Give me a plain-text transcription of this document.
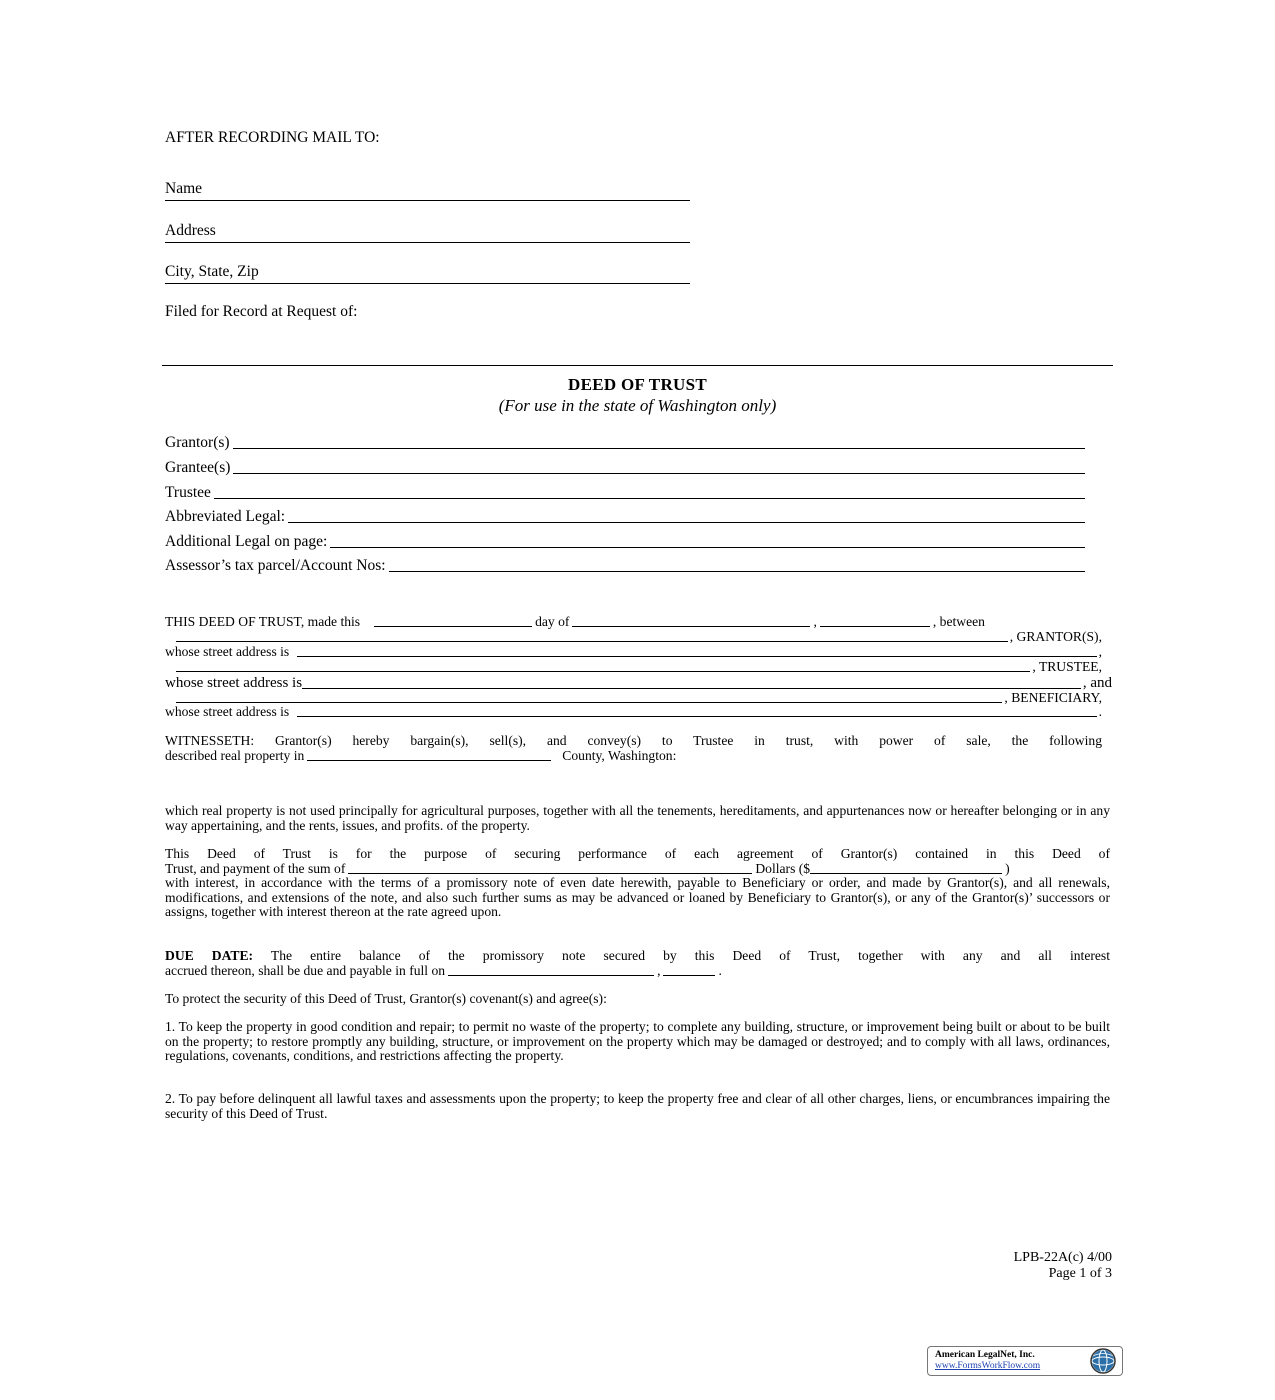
AFTER RECORDING MAIL TO:
Name
Address
City, State, Zip
Filed for Record at Request of:
DEED OF TRUST
(For use in the state of Washington only)
Grantor(s)
Grantee(s)
Trustee
Abbreviated Legal:
Additional Legal on page:
Assessor’s tax parcel/Account Nos:
THIS DEED OF TRUST, made this	day of	,	, between
, GRANTOR(S),
whose street address is	,
, TRUSTEE,
whose street address is	, and
, BENEFICIARY,
whose street address is	.
WITNESSETH: Grantor(s) hereby bargain(s), sell(s), and convey(s) to Trustee in trust, with power of sale, the following
described real property in	County, Washington:
which real property is not used principally for agricultural purposes, together with all the tenements, hereditaments, and appurtenances now or hereafter belonging or in any way appertaining, and the rents, issues, and profits. of the property.
This Deed of Trust is for the purpose of securing performance of each agreement of Grantor(s) contained in this Deed of
Trust, and payment of the sum of	Dollars ($	)
with interest, in accordance with the terms of a promissory note of even date herewith, payable to Beneficiary or order, and made by Grantor(s), and all renewals, modifications, and extensions of the note, and also such further sums as may be advanced or loaned by Beneficiary to Grantor(s), or any of the Grantor(s)’ successors or assigns, together with interest thereon at the rate agreed upon.
DUE DATE: The entire balance of the promissory note secured by this Deed of Trust, together with any and all interest
accrued thereon, shall be due and payable in full on	,	.
To protect the security of this Deed of Trust, Grantor(s) covenant(s) and agree(s):
1. To keep the property in good condition and repair; to permit no waste of the property; to complete any building, structure, or improvement being built or about to be built on the property; to restore promptly any building, structure, or improvement on the property which may be damaged or destroyed; and to comply with all laws, ordinances, regulations, covenants, conditions, and restrictions affecting the property.
2. To pay before delinquent all lawful taxes and assessments upon the property; to keep the property free and clear of all other charges, liens, or encumbrances impairing the security of this Deed of Trust.
LPB-22A(c) 4/00
Page 1 of 3
American LegalNet, Inc.
www.FormsWorkFlow.com
